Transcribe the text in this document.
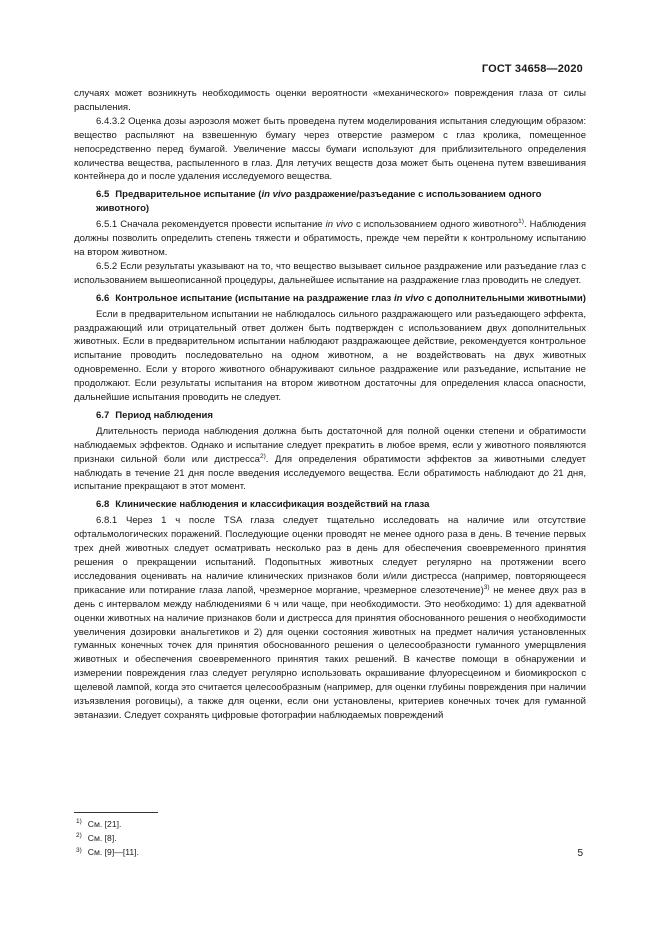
ГОСТ 34658—2020

случаях может возникнуть необходимость оценки вероятности «механического» повреждения глаза от силы распыления.

6.4.3.2 Оценка дозы аэрозоля может быть проведена путем моделирования испытания следующим образом: вещество распыляют на взвешенную бумагу через отверстие размером с глаз кролика, помещенное непосредственно перед бумагой. Увеличение массы бумаги используют для приблизительного определения количества вещества, распыленного в глаз. Для летучих веществ доза может быть оценена путем взвешивания контейнера до и после удаления исследуемого вещества.

6.5 Предварительное испытание (in vivo раздражение/разъедание с использованием одного животного)

6.5.1 Сначала рекомендуется провести испытание in vivo с использованием одного животного$^{1)}$. Наблюдения должны позволить определить степень тяжести и обратимость, прежде чем перейти к контрольному испытанию на втором животном.

6.5.2 Если результаты указывают на то, что вещество вызывает сильное раздражение или разъедание глаз с использованием вышеописанной процедуры, дальнейшее испытание на раздражение глаз проводить не следует.

6.6 Контрольное испытание (испытание на раздражение глаз in vivo с дополнительными животными)

Если в предварительном испытании не наблюдалось сильного раздражающего или разъедающего эффекта, раздражающий или отрицательный ответ должен быть подтвержден с использованием двух дополнительных животных. Если в предварительном испытании наблюдают раздражающее действие, рекомендуется контрольное испытание проводить последовательно на одном животном, а не воздействовать на двух животных одновременно. Если у второго животного обнаруживают сильное раздражение или разъедание, испытание не продолжают. Если результаты испытания на втором животном достаточны для определения класса опасности, дальнейшие испытания проводить не следует.

6.7 Период наблюдения

Длительность периода наблюдения должна быть достаточной для полной оценки степени и обратимости наблюдаемых эффектов. Однако и испытание следует прекратить в любое время, если у животного появляются признаки сильной боли или дистресса$^{2)}$. Для определения обратимости эффектов за животными следует наблюдать в течение 21 дня после введения исследуемого вещества. Если обратимость наблюдают до 21 дня, испытание прекращают в этот момент.

6.8 Клинические наблюдения и классификация воздействий на глаза

6.8.1 Через 1 ч после TSA глаза следует тщательно исследовать на наличие или отсутствие офтальмологических поражений. Последующие оценки проводят не менее одного раза в день. В течение первых трех дней животных следует осматривать несколько раз в день для обеспечения своевременного принятия решения о прекращении испытаний. Подопытных животных следует регулярно на протяжении всего исследования оценивать на наличие клинических признаков боли и/или дистресса (например, повторяющееся прикасание или потирание глаза лапой, чрезмерное моргание, чрезмерное слезотечение)$^{3)}$ не менее двух раз в день с интервалом между наблюдениями 6 ч или чаще, при необходимости. Это необходимо: 1) для адекватной оценки животных на наличие признаков боли и дистресса для принятия обоснованного решения о необходимости увеличения дозировки анальгетиков и 2) для оценки состояния животных на предмет наличия установленных гуманных конечных точек для принятия обоснованного решения о целесообразности гуманного умерщвления животных и обеспечения своевременного принятия таких решений. В качестве помощи в обнаружении и измерении повреждения глаз следует регулярно использовать окрашивание флуоресцеином и биомикроскоп с щелевой лампой, когда это считается целесообразным (например, для оценки глубины повреждения при наличии изъязвления роговицы), а также для оценки, если они установлены, критериев конечных точек для гуманной эвтаназии. Следует сохранять цифровые фотографии наблюдаемых повреждений

$^{1)}$ См. [21].
$^{2)}$ См. [8].
$^{3)}$ См. [9]—[11].	5
